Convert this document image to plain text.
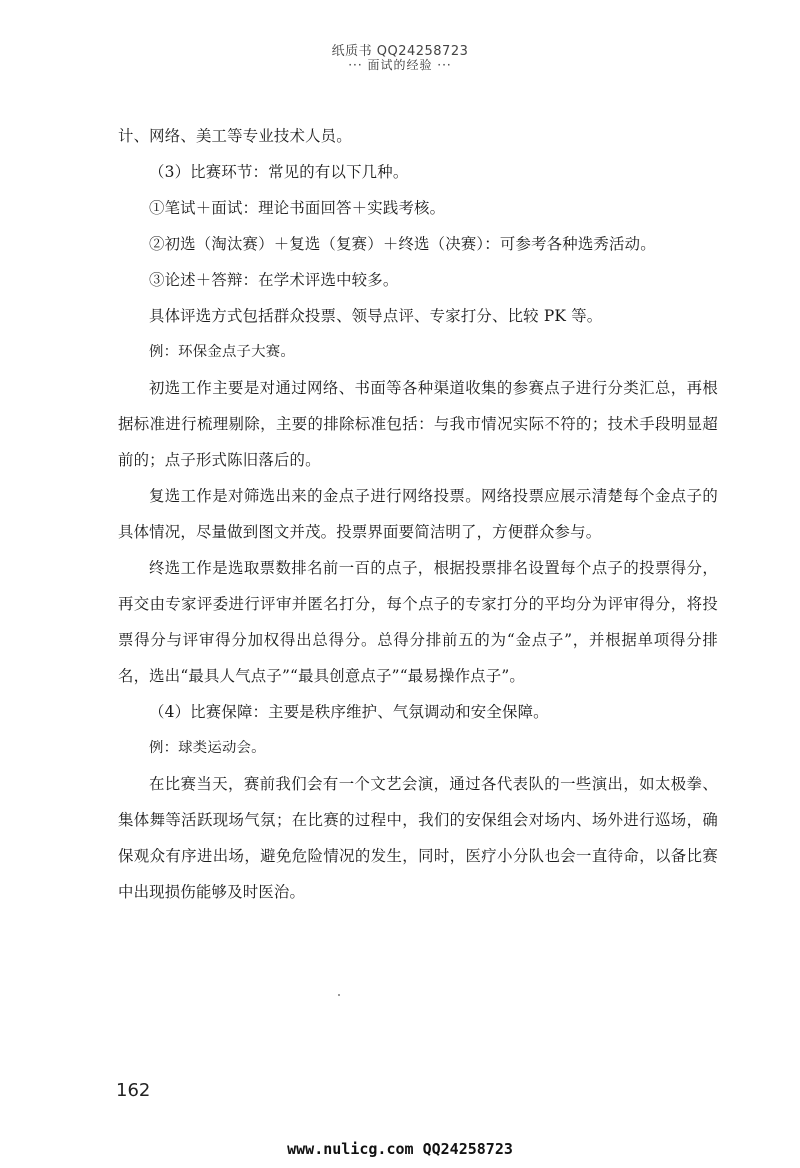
纸质书 QQ24258723
··· 面试的经验 ···

计、网络、美工等专业技术人员。

（3）比赛环节：常见的有以下几种。

①笔试＋面试：理论书面回答＋实践考核。

②初选（淘汰赛）＋复选（复赛）＋终选（决赛）：可参考各种选秀活动。

③论述＋答辩：在学术评选中较多。

具体评选方式包括群众投票、领导点评、专家打分、比较 PK 等。

例：环保金点子大赛。

初选工作主要是对通过网络、书面等各种渠道收集的参赛点子进行分类汇总，再根据标准进行梳理剔除，主要的排除标准包括：与我市情况实际不符的；技术手段明显超前的；点子形式陈旧落后的。

复选工作是对筛选出来的金点子进行网络投票。网络投票应展示清楚每个金点子的具体情况，尽量做到图文并茂。投票界面要简洁明了，方便群众参与。

终选工作是选取票数排名前一百的点子，根据投票排名设置每个点子的投票得分，再交由专家评委进行评审并匿名打分，每个点子的专家打分的平均分为评审得分，将投票得分与评审得分加权得出总得分。总得分排前五的为“金点子”，并根据单项得分排名，选出“最具人气点子”“最具创意点子”“最易操作点子”。

（4）比赛保障：主要是秩序维护、气氛调动和安全保障。

例：球类运动会。

在比赛当天，赛前我们会有一个文艺会演，通过各代表队的一些演出，如太极拳、集体舞等活跃现场气氛；在比赛的过程中，我们的安保组会对场内、场外进行巡场，确保观众有序进出场，避免危险情况的发生，同时，医疗小分队也会一直待命，以备比赛中出现损伤能够及时医治。

162
www.nulicg.com QQ24258723
